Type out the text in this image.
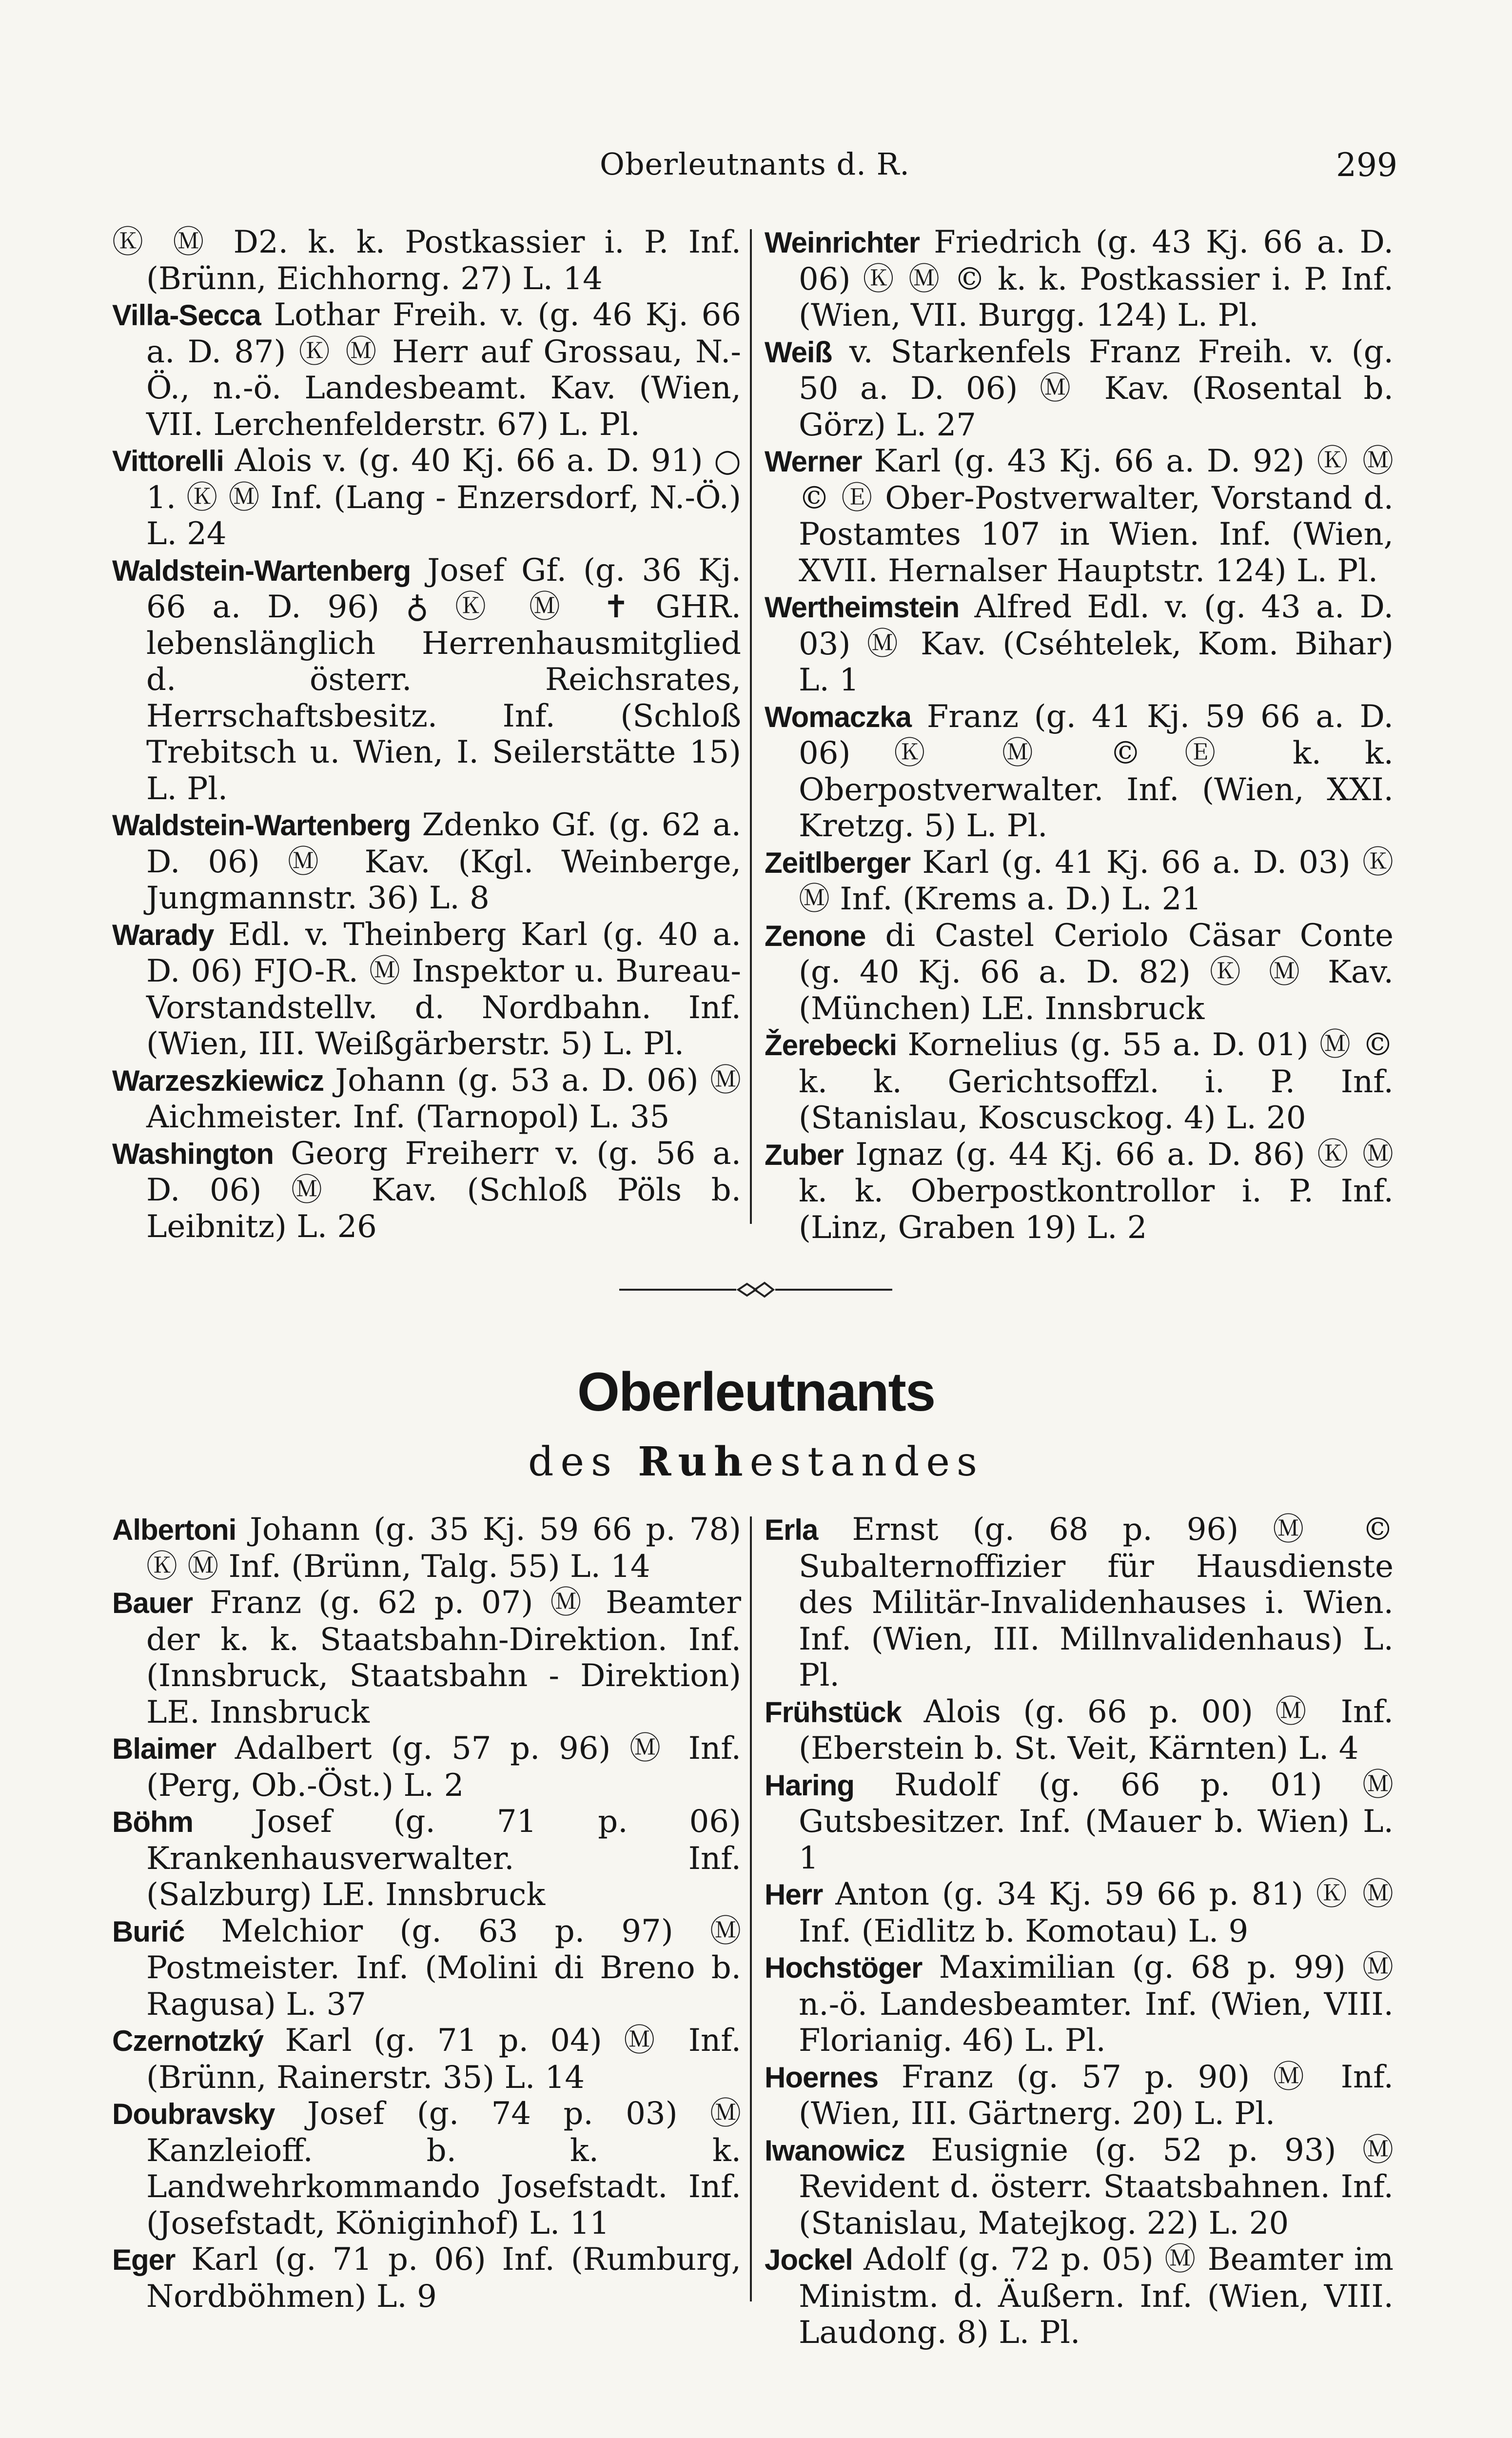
Oberleutnants d. R.	299

Ⓚ Ⓜ D2. k. k. Postkassier i. P. Inf. (Brünn, Eichhorng. 27) L. 14

Villa-Secca Lothar Freih. v. (g. 46 Kj. 66 a. D. 87) Ⓚ Ⓜ Herr auf Grossau, N.-Ö., n.-ö. Landesbeamt. Kav. (Wien, VII. Lerchenfelderstr. 67) L. Pl.

Vittorelli Alois v. (g. 40 Kj. 66 a. D. 91) ○ 1. Ⓚ Ⓜ Inf. (Lang - Enzersdorf, N.-Ö.) L. 24

Waldstein-Wartenberg Josef Gf. (g. 36 Kj. 66 a. D. 96) ♁ Ⓚ Ⓜ ✝ GHR. lebenslänglich Herrenhausmitglied d. österr. Reichsrates, Herrschaftsbesitz. Inf. (Schloß Trebitsch u. Wien, I. Seilerstätte 15) L. Pl.

Waldstein-Wartenberg Zdenko Gf. (g. 62 a. D. 06) Ⓜ Kav. (Kgl. Weinberge, Jungmannstr. 36) L. 8

Warady Edl. v. Theinberg Karl (g. 40 a. D. 06) FJO-R. Ⓜ Inspektor u. Bureau-Vorstandstellv. d. Nordbahn. Inf. (Wien, III. Weißgärberstr. 5) L. Pl.

Warzeszkiewicz Johann (g. 53 a. D. 06) Ⓜ Aichmeister. Inf. (Tarnopol) L. 35

Washington Georg Freiherr v. (g. 56 a. D. 06) Ⓜ Kav. (Schloß Pöls b. Leibnitz) L. 26

Weinrichter Friedrich (g. 43 Kj. 66 a. D. 06) Ⓚ Ⓜ © k. k. Postkassier i. P. Inf. (Wien, VII. Burgg. 124) L. Pl.

Weiß v. Starkenfels Franz Freih. v. (g. 50 a. D. 06) Ⓜ Kav. (Rosental b. Görz) L. 27

Werner Karl (g. 43 Kj. 66 a. D. 92) Ⓚ Ⓜ © Ⓔ Ober-Postverwalter, Vorstand d. Postamtes 107 in Wien. Inf. (Wien, XVII. Hernalser Hauptstr. 124) L. Pl.

Wertheimstein Alfred Edl. v. (g. 43 a. D. 03) Ⓜ Kav. (Cséhtelek, Kom. Bihar) L. 1

Womaczka Franz (g. 41 Kj. 59 66 a. D. 06) Ⓚ Ⓜ © Ⓔ k. k. Oberpostverwalter. Inf. (Wien, XXI. Kretzg. 5) L. Pl.

Zeitlberger Karl (g. 41 Kj. 66 a. D. 03) Ⓚ Ⓜ Inf. (Krems a. D.) L. 21

Zenone di Castel Ceriolo Cäsar Conte (g. 40 Kj. 66 a. D. 82) Ⓚ Ⓜ Kav. (München) LE. Innsbruck

Žerebecki Kornelius (g. 55 a. D. 01) Ⓜ © k. k. Gerichtsoffzl. i. P. Inf. (Stanislau, Koscusckog. 4) L. 20

Zuber Ignaz (g. 44 Kj. 66 a. D. 86) Ⓚ Ⓜ k. k. Oberpostkontrollor i. P. Inf. (Linz, Graben 19) L. 2

Oberleutnants
des Ruhestandes

Albertoni Johann (g. 35 Kj. 59 66 p. 78) Ⓚ Ⓜ Inf. (Brünn, Talg. 55) L. 14

Bauer Franz (g. 62 p. 07) Ⓜ Beamter der k. k. Staatsbahn-Direktion. Inf. (Innsbruck, Staatsbahn - Direktion) LE. Innsbruck

Blaimer Adalbert (g. 57 p. 96) Ⓜ Inf. (Perg, Ob.-Öst.) L. 2

Böhm Josef (g. 71 p. 06) Krankenhausverwalter. Inf. (Salzburg) LE. Innsbruck

Burić Melchior (g. 63 p. 97) Ⓜ Postmeister. Inf. (Molini di Breno b. Ragusa) L. 37

Czernotzký Karl (g. 71 p. 04) Ⓜ Inf. (Brünn, Rainerstr. 35) L. 14

Doubravsky Josef (g. 74 p. 03) Ⓜ Kanzleioff. b. k. k. Landwehrkommando Josefstadt. Inf. (Josefstadt, Königinhof) L. 11

Eger Karl (g. 71 p. 06) Inf. (Rumburg, Nordböhmen) L. 9

Erla Ernst (g. 68 p. 96) Ⓜ © Subalternoffizier für Hausdienste des Militär-Invalidenhauses i. Wien. Inf. (Wien, III. Millnvalidenhaus) L. Pl.

Frühstück Alois (g. 66 p. 00) Ⓜ Inf. (Eberstein b. St. Veit, Kärnten) L. 4

Haring Rudolf (g. 66 p. 01) Ⓜ Gutsbesitzer. Inf. (Mauer b. Wien) L. 1

Herr Anton (g. 34 Kj. 59 66 p. 81) Ⓚ Ⓜ Inf. (Eidlitz b. Komotau) L. 9

Hochstöger Maximilian (g. 68 p. 99) Ⓜ n.-ö. Landesbeamter. Inf. (Wien, VIII. Florianig. 46) L. Pl.

Hoernes Franz (g. 57 p. 90) Ⓜ Inf. (Wien, III. Gärtnerg. 20) L. Pl.

Iwanowicz Eusignie (g. 52 p. 93) Ⓜ Revident d. österr. Staatsbahnen. Inf. (Stanislau, Matejkog. 22) L. 20

Jockel Adolf (g. 72 p. 05) Ⓜ Beamter im Ministm. d. Äußern. Inf. (Wien, VIII. Laudong. 8) L. Pl.
